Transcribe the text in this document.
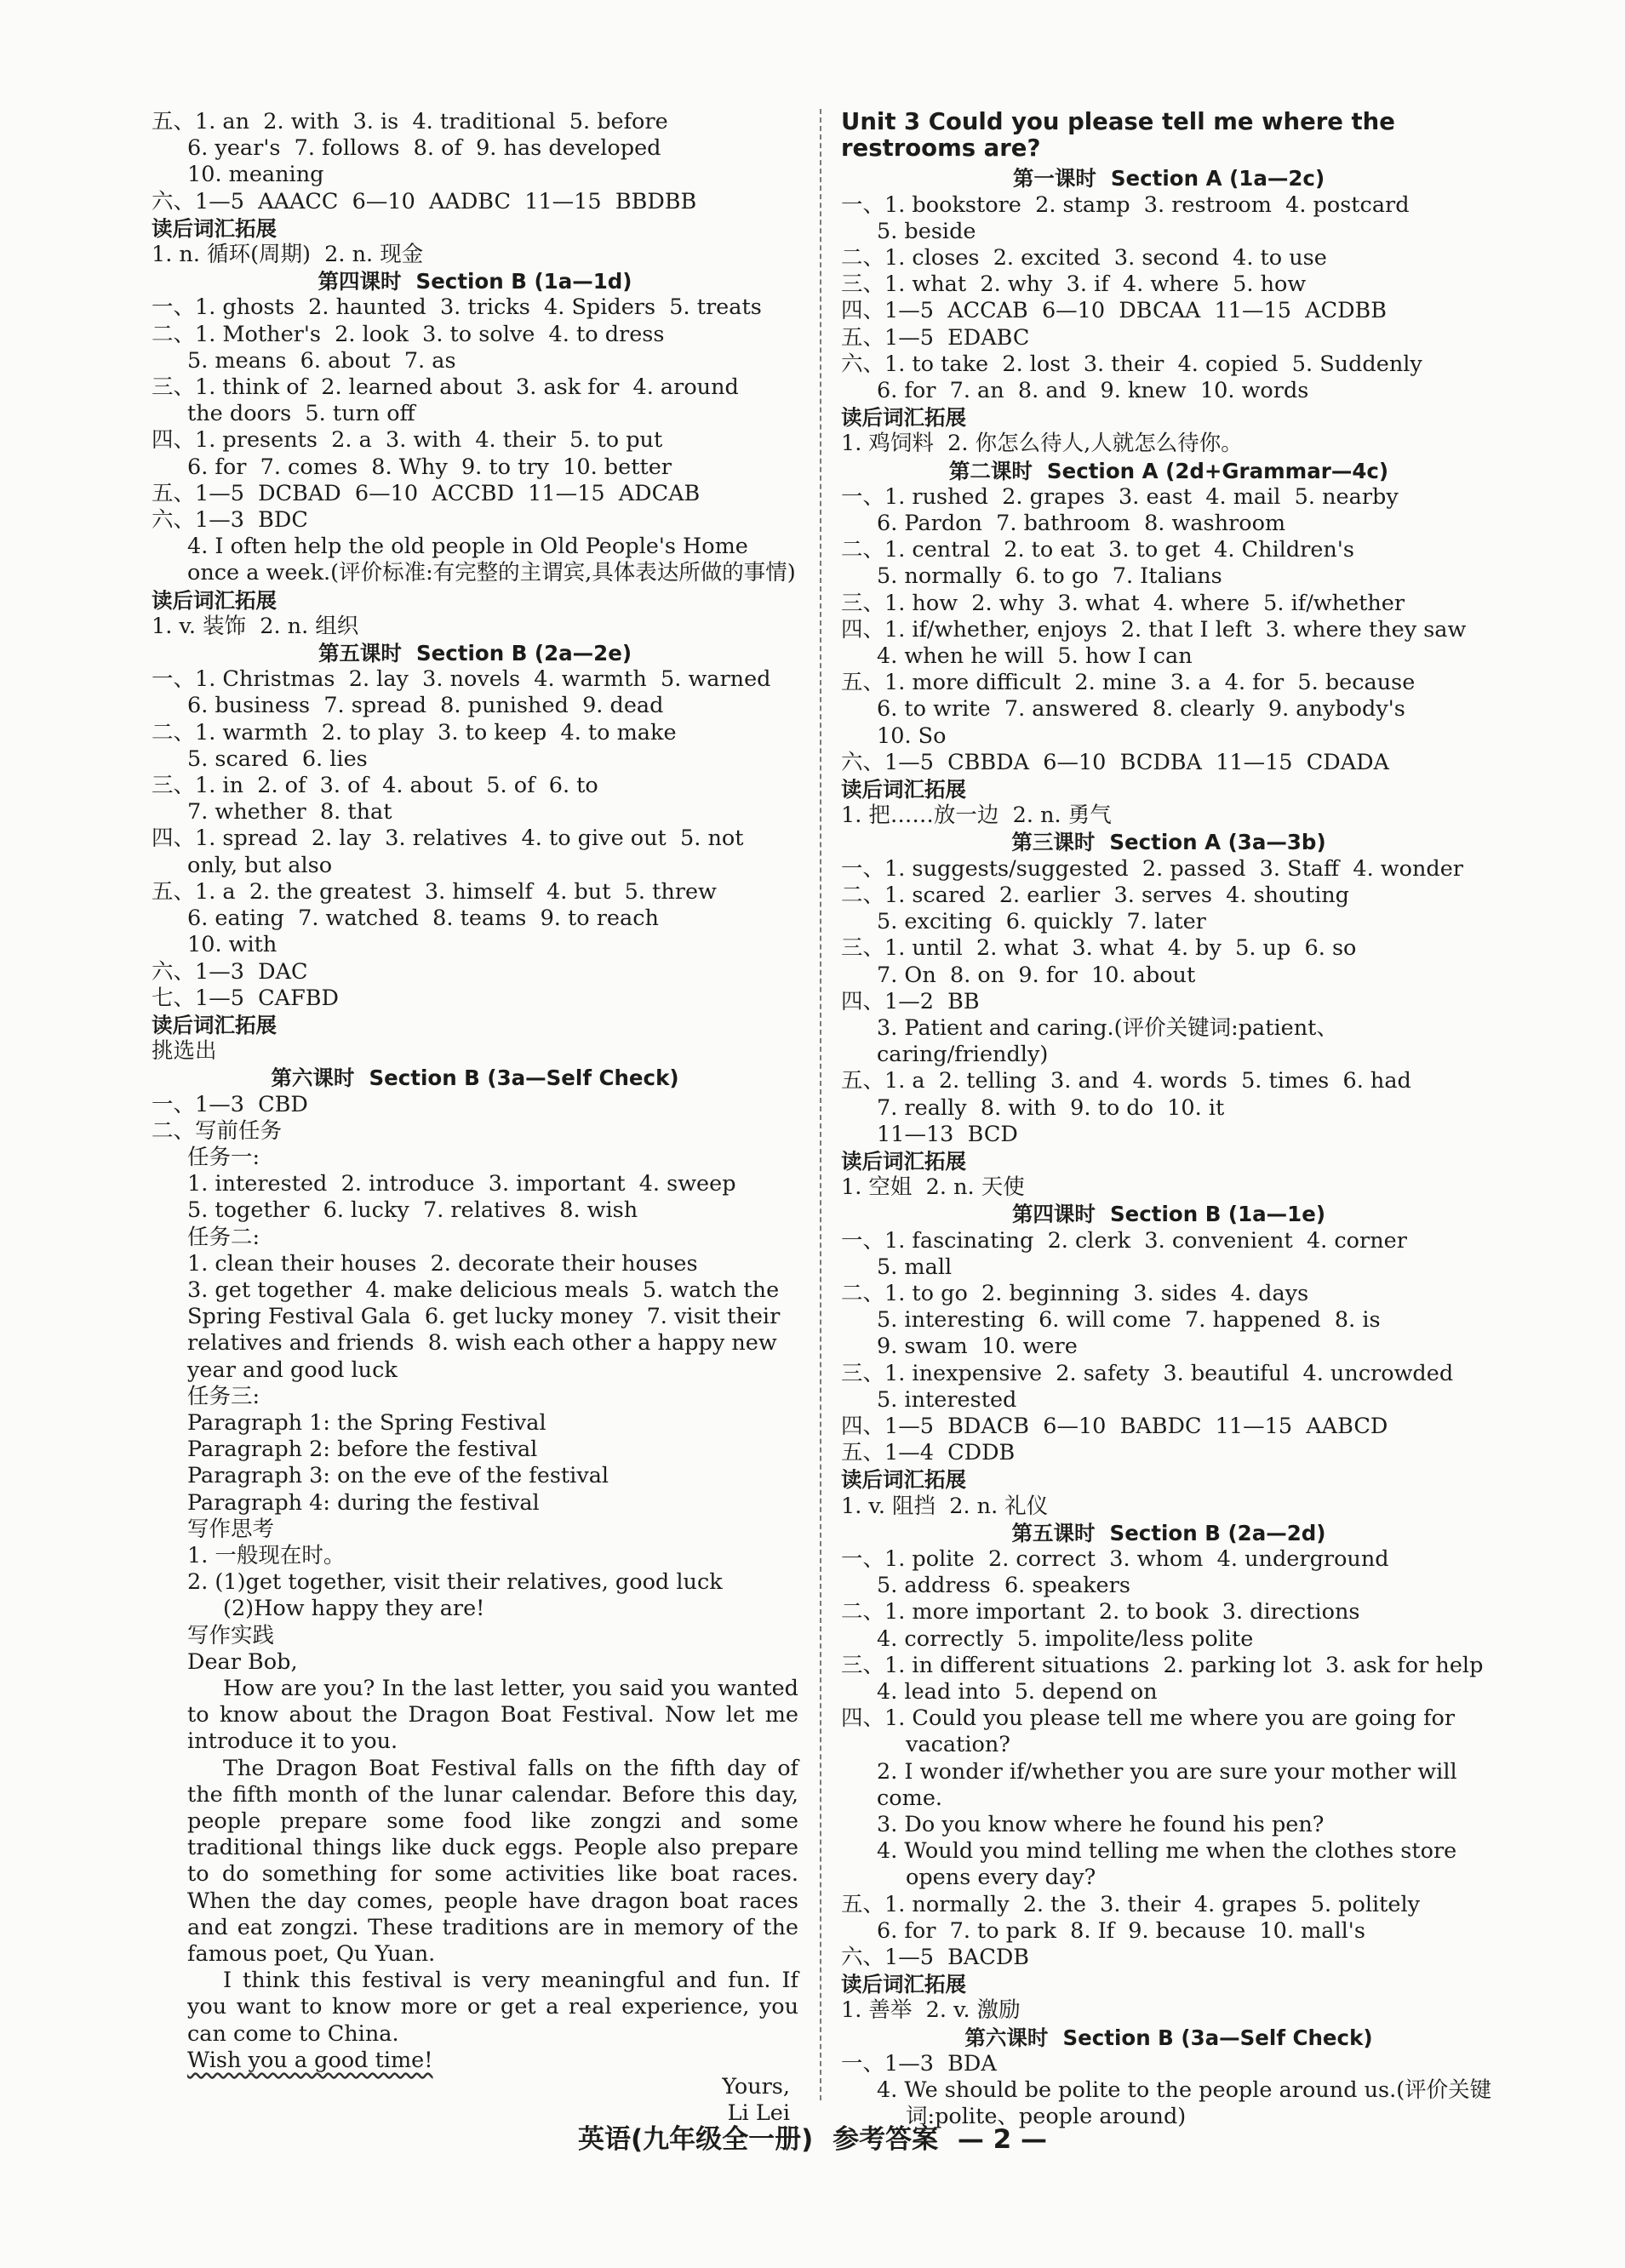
五、1. an  2. with  3. is  4. traditional  5. before
6. year's  7. follows  8. of  9. has developed
10. meaning
六、1—5  AAACC  6—10  AADBC  11—15  BBDBB
读后词汇拓展
1. n. 循环(周期)  2. n. 现金
第四课时  Section B (1a—1d)
一、1. ghosts  2. haunted  3. tricks  4. Spiders  5. treats
二、1. Mother's  2. look  3. to solve  4. to dress
5. means  6. about  7. as
三、1. think of  2. learned about  3. ask for  4. around
the doors  5. turn off
四、1. presents  2. a  3. with  4. their  5. to put
6. for  7. comes  8. Why  9. to try  10. better
五、1—5  DCBAD  6—10  ACCBD  11—15  ADCAB
六、1—3  BDC
4. I often help the old people in Old People's Home once a week.(评价标准:有完整的主谓宾,具体表达所做的事情)
读后词汇拓展
1. v. 装饰  2. n. 组织
第五课时  Section B (2a—2e)
一、1. Christmas  2. lay  3. novels  4. warmth  5. warned
6. business  7. spread  8. punished  9. dead
二、1. warmth  2. to play  3. to keep  4. to make
5. scared  6. lies
三、1. in  2. of  3. of  4. about  5. of  6. to
7. whether  8. that
四、1. spread  2. lay  3. relatives  4. to give out  5. not
only, but also
五、1. a  2. the greatest  3. himself  4. but  5. threw
6. eating  7. watched  8. teams  9. to reach
10. with
六、1—3  DAC
七、1—5  CAFBD
读后词汇拓展
挑选出
第六课时  Section B (3a—Self Check)
一、1—3  CBD
二、写前任务
任务一:
1. interested  2. introduce  3. important  4. sweep
5. together  6. lucky  7. relatives  8. wish
任务二:
1. clean their houses  2. decorate their houses
3. get together  4. make delicious meals  5. watch the Spring Festival Gala  6. get lucky money  7. visit their relatives and friends  8. wish each other a happy new year and good luck
任务三:
Paragraph 1: the Spring Festival
Paragraph 2: before the festival
Paragraph 3: on the eve of the festival
Paragraph 4: during the festival
写作思考
1. 一般现在时。
2. (1)get together, visit their relatives, good luck
(2)How happy they are!
写作实践
Dear Bob,
How are you? In the last letter, you said you wanted to know about the Dragon Boat Festival. Now let me introduce it to you.
The Dragon Boat Festival falls on the fifth day of the fifth month of the lunar calendar. Before this day, people prepare some food like zongzi and some traditional things like duck eggs. People also prepare to do something for some activities like boat races. When the day comes, people have dragon boat races and eat zongzi. These traditions are in memory of the famous poet, Qu Yuan.
I think this festival is very meaningful and fun. If you want to know more or get a real experience, you can come to China.
Wish you a good time!
Yours,
Li Lei
Unit 3 Could you please tell me where the restrooms are?
第一课时  Section A (1a—2c)
一、1. bookstore  2. stamp  3. restroom  4. postcard
5. beside
二、1. closes  2. excited  3. second  4. to use
三、1. what  2. why  3. if  4. where  5. how
四、1—5  ACCAB  6—10  DBCAA  11—15  ACDBB
五、1—5  EDABC
六、1. to take  2. lost  3. their  4. copied  5. Suddenly
6. for  7. an  8. and  9. knew  10. words
读后词汇拓展
1. 鸡饲料  2. 你怎么待人,人就怎么待你。
第二课时  Section A (2d+Grammar—4c)
一、1. rushed  2. grapes  3. east  4. mail  5. nearby
6. Pardon  7. bathroom  8. washroom
二、1. central  2. to eat  3. to get  4. Children's
5. normally  6. to go  7. Italians
三、1. how  2. why  3. what  4. where  5. if/whether
四、1. if/whether, enjoys  2. that I left  3. where they saw
4. when he will  5. how I can
五、1. more difficult  2. mine  3. a  4. for  5. because
6. to write  7. answered  8. clearly  9. anybody's
10. So
六、1—5  CBBDA  6—10  BCDBA  11—15  CDADA
读后词汇拓展
1. 把……放一边  2. n. 勇气
第三课时  Section A (3a—3b)
一、1. suggests/suggested  2. passed  3. Staff  4. wonder
二、1. scared  2. earlier  3. serves  4. shouting
5. exciting  6. quickly  7. later
三、1. until  2. what  3. what  4. by  5. up  6. so
7. On  8. on  9. for  10. about
四、1—2  BB
3. Patient and caring.(评价关键词:patient、caring/friendly)
五、1. a  2. telling  3. and  4. words  5. times  6. had
7. really  8. with  9. to do  10. it
11—13  BCD
读后词汇拓展
1. 空姐  2. n. 天使
第四课时  Section B (1a—1e)
一、1. fascinating  2. clerk  3. convenient  4. corner
5. mall
二、1. to go  2. beginning  3. sides  4. days
5. interesting  6. will come  7. happened  8. is
9. swam  10. were
三、1. inexpensive  2. safety  3. beautiful  4. uncrowded
5. interested
四、1—5  BDACB  6—10  BABDC  11—15  AABCD
五、1—4  CDDB
读后词汇拓展
1. v. 阻挡  2. n. 礼仪
第五课时  Section B (2a—2d)
一、1. polite  2. correct  3. whom  4. underground
5. address  6. speakers
二、1. more important  2. to book  3. directions
4. correctly  5. impolite/less polite
三、1. in different situations  2. parking lot  3. ask for help
4. lead into  5. depend on
四、1. Could you please tell me where you are going for vacation?
2. I wonder if/whether you are sure your mother will come.
3. Do you know where he found his pen?
4. Would you mind telling me when the clothes store opens every day?
五、1. normally  2. the  3. their  4. grapes  5. politely
6. for  7. to park  8. If  9. because  10. mall's
六、1—5  BACDB
读后词汇拓展
1. 善举  2. v. 激励
第六课时  Section B (3a—Self Check)
一、1—3  BDA
4. We should be polite to the people around us.(评价关键词:polite、people around)
英语(九年级全一册) 参考答案 — 2 —
